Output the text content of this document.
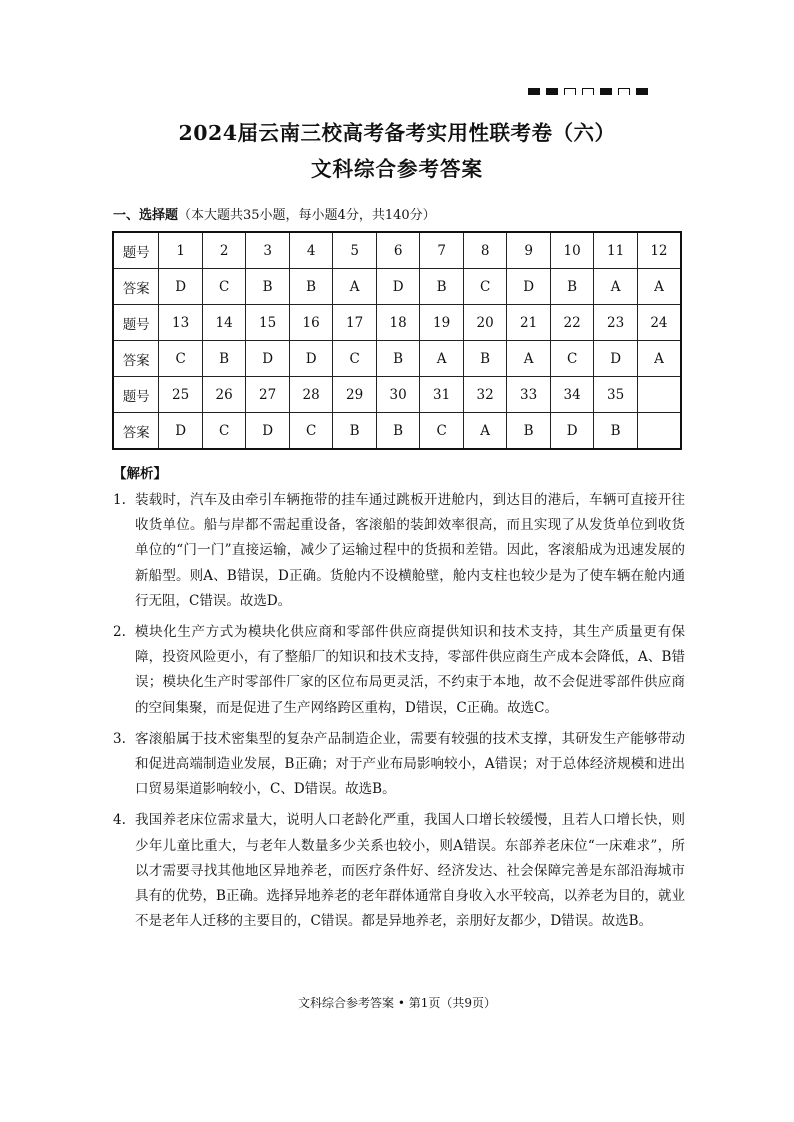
2024届云南三校高考备考实用性联考卷（六）
文科综合参考答案
一、选择题（本大题共35小题，每小题4分，共140分）
题号	1	2	3	4	5	6	7	8	9	10	11	12
答案	D	C	B	B	A	D	B	C	D	B	A	A
题号	13	14	15	16	17	18	19	20	21	22	23	24
答案	C	B	D	D	C	B	A	B	A	C	D	A
题号	25	26	27	28	29	30	31	32	33	34	35	
答案	D	C	D	C	B	B	C	A	B	D	B	
【解析】
1. 装载时，汽车及由牵引车辆拖带的挂车通过跳板开进舱内，到达目的港后，车辆可直接开往收货单位。船与岸都不需起重设备，客滚船的装卸效率很高，而且实现了从发货单位到收货单位的“门一门”直接运输，减少了运输过程中的货损和差错。因此，客滚船成为迅速发展的新船型。则A、B错误，D正确。货舱内不设横舱壁，舱内支柱也较少是为了使车辆在舱内通行无阻，C错误。故选D。
2. 模块化生产方式为模块化供应商和零部件供应商提供知识和技术支持，其生产质量更有保障，投资风险更小，有了整船厂的知识和技术支持，零部件供应商生产成本会降低，A、B错误；模块化生产时零部件厂家的区位布局更灵活，不约束于本地，故不会促进零部件供应商的空间集聚，而是促进了生产网络跨区重构，D错误，C正确。故选C。
3. 客滚船属于技术密集型的复杂产品制造企业，需要有较强的技术支撑，其研发生产能够带动和促进高端制造业发展，B正确；对于产业布局影响较小，A错误；对于总体经济规模和进出口贸易渠道影响较小，C、D错误。故选B。
4. 我国养老床位需求量大，说明人口老龄化严重，我国人口增长较缓慢，且若人口增长快，则少年儿童比重大，与老年人数量多少关系也较小，则A错误。东部养老床位“一床难求”，所以才需要寻找其他地区异地养老，而医疗条件好、经济发达、社会保障完善是东部沿海城市具有的优势，B正确。选择异地养老的老年群体通常自身收入水平较高，以养老为目的，就业不是老年人迁移的主要目的，C错误。都是异地养老，亲朋好友都少，D错误。故选B。
文科综合参考答案 • 第1页（共9页）
